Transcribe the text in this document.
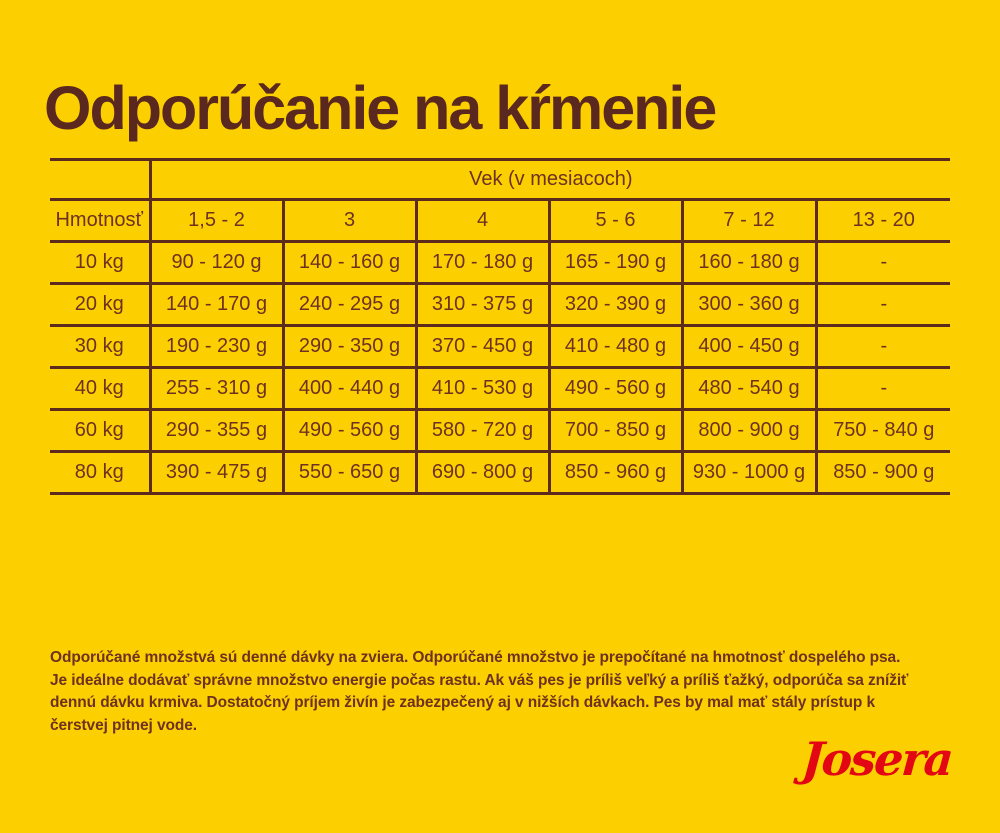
Odporúčanie na kŕmenie
	Vek (v mesiacoch)					
Hmotnosť	1,5 - 2	3	4	5 - 6	7 - 12	13 - 20
10 kg	90 - 120 g	140 - 160 g	170 - 180 g	165 - 190 g	160 - 180 g	-
20 kg	140 - 170 g	240 - 295 g	310 - 375 g	320 - 390 g	300 - 360 g	-
30 kg	190 - 230 g	290 - 350 g	370 - 450 g	410 - 480 g	400 - 450 g	-
40 kg	255 - 310 g	400 - 440 g	410 - 530 g	490 - 560 g	480 - 540 g	-
60 kg	290 - 355 g	490 - 560 g	580 - 720 g	700 - 850 g	800 - 900 g	750 - 840 g
80 kg	390 - 475 g	550 - 650 g	690 - 800 g	850 - 960 g	930 - 1000 g	850 - 900 g
Odporúčané množstvá sú denné dávky na zviera. Odporúčané množstvo je prepočítané na hmotnosť dospelého psa.
Je ideálne dodávať správne množstvo energie počas rastu. Ak váš pes je príliš veľký a príliš ťažký, odporúča sa znížiť
dennú dávku krmiva. Dostatočný príjem živín je zabezpečený aj v nižších dávkach. Pes by mal mať stály prístup k
čerstvej pitnej vode.
Josera
